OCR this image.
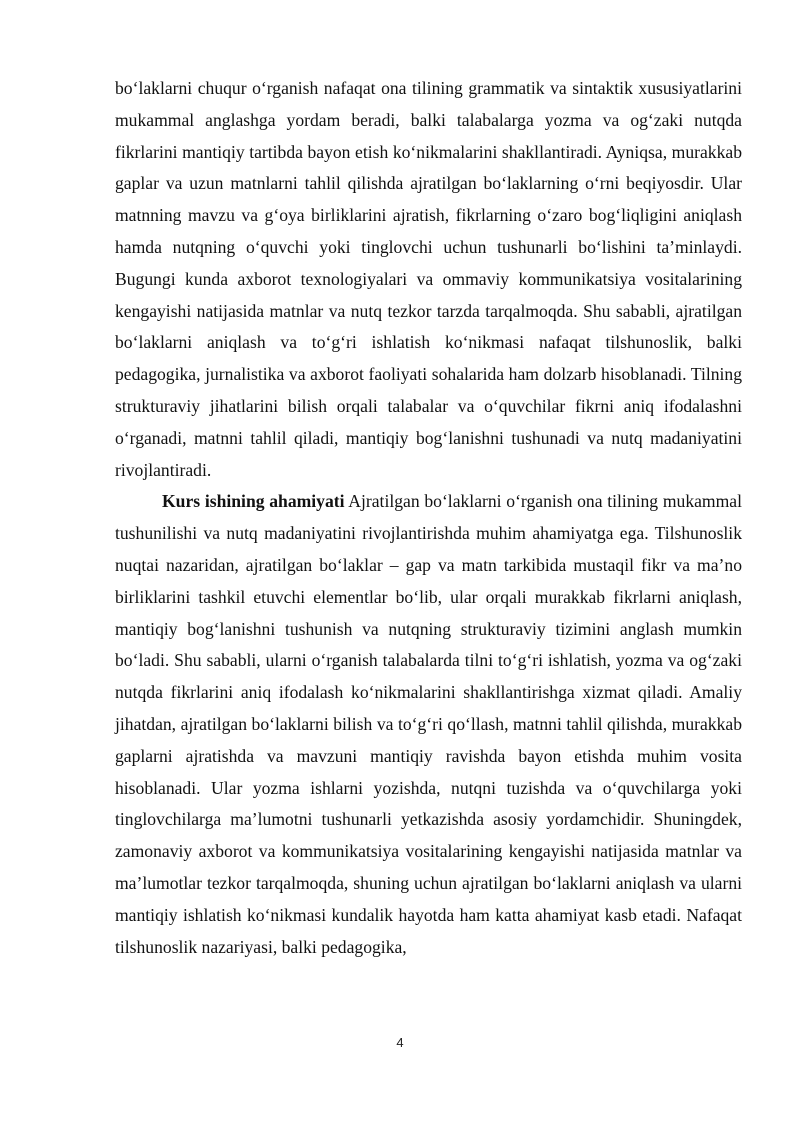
bo‘laklarni chuqur o‘rganish nafaqat ona tilining grammatik va sintaktik xususiyatlarini mukammal anglashga yordam beradi, balki talabalarga yozma va og‘zaki nutqda fikrlarini mantiqiy tartibda bayon etish ko‘nikmalarini shakllantiradi. Ayniqsa, murakkab gaplar va uzun matnlarni tahlil qilishda ajratilgan bo‘laklarning o‘rni beqiyosdir. Ular matnning mavzu va g‘oya birliklarini ajratish, fikrlarning o‘zaro bog‘liqligini aniqlash hamda nutqning o‘quvchi yoki tinglovchi uchun tushunarli bo‘lishini ta’minlaydi. Bugungi kunda axborot texnologiyalari va ommaviy kommunikatsiya vositalarining kengayishi natijasida matnlar va nutq tezkor tarzda tarqalmoqda. Shu sababli, ajratilgan bo‘laklarni aniqlash va to‘g‘ri ishlatish ko‘nikmasi nafaqat tilshunoslik, balki pedagogika, jurnalistika va axborot faoliyati sohalarida ham dolzarb hisoblanadi. Tilning strukturaviy jihatlarini bilish orqali talabalar va o‘quvchilar fikrni aniq ifodalashni o‘rganadi, matnni tahlil qiladi, mantiqiy bog‘lanishni tushunadi va nutq madaniyatini rivojlantiradi.

Kurs ishining ahamiyati Ajratilgan bo‘laklarni o‘rganish ona tilining mukammal tushunilishi va nutq madaniyatini rivojlantirishda muhim ahamiyatga ega. Tilshunoslik nuqtai nazaridan, ajratilgan bo‘laklar – gap va matn tarkibida mustaqil fikr va ma’no birliklarini tashkil etuvchi elementlar bo‘lib, ular orqali murakkab fikrlarni aniqlash, mantiqiy bog‘lanishni tushunish va nutqning strukturaviy tizimini anglash mumkin bo‘ladi. Shu sababli, ularni o‘rganish talabalarda tilni to‘g‘ri ishlatish, yozma va og‘zaki nutqda fikrlarini aniq ifodalash ko‘nikmalarini shakllantirishga xizmat qiladi. Amaliy jihatdan, ajratilgan bo‘laklarni bilish va to‘g‘ri qo‘llash, matnni tahlil qilishda, murakkab gaplarni ajratishda va mavzuni mantiqiy ravishda bayon etishda muhim vosita hisoblanadi. Ular yozma ishlarni yozishda, nutqni tuzishda va o‘quvchilarga yoki tinglovchilarga ma’lumotni tushunarli yetkazishda asosiy yordamchidir. Shuningdek, zamonaviy axborot va kommunikatsiya vositalarining kengayishi natijasida matnlar va ma’lumotlar tezkor tarqalmoqda, shuning uchun ajratilgan bo‘laklarni aniqlash va ularni mantiqiy ishlatish ko‘nikmasi kundalik hayotda ham katta ahamiyat kasb etadi. Nafaqat tilshunoslik nazariyasi, balki pedagogika,

4
